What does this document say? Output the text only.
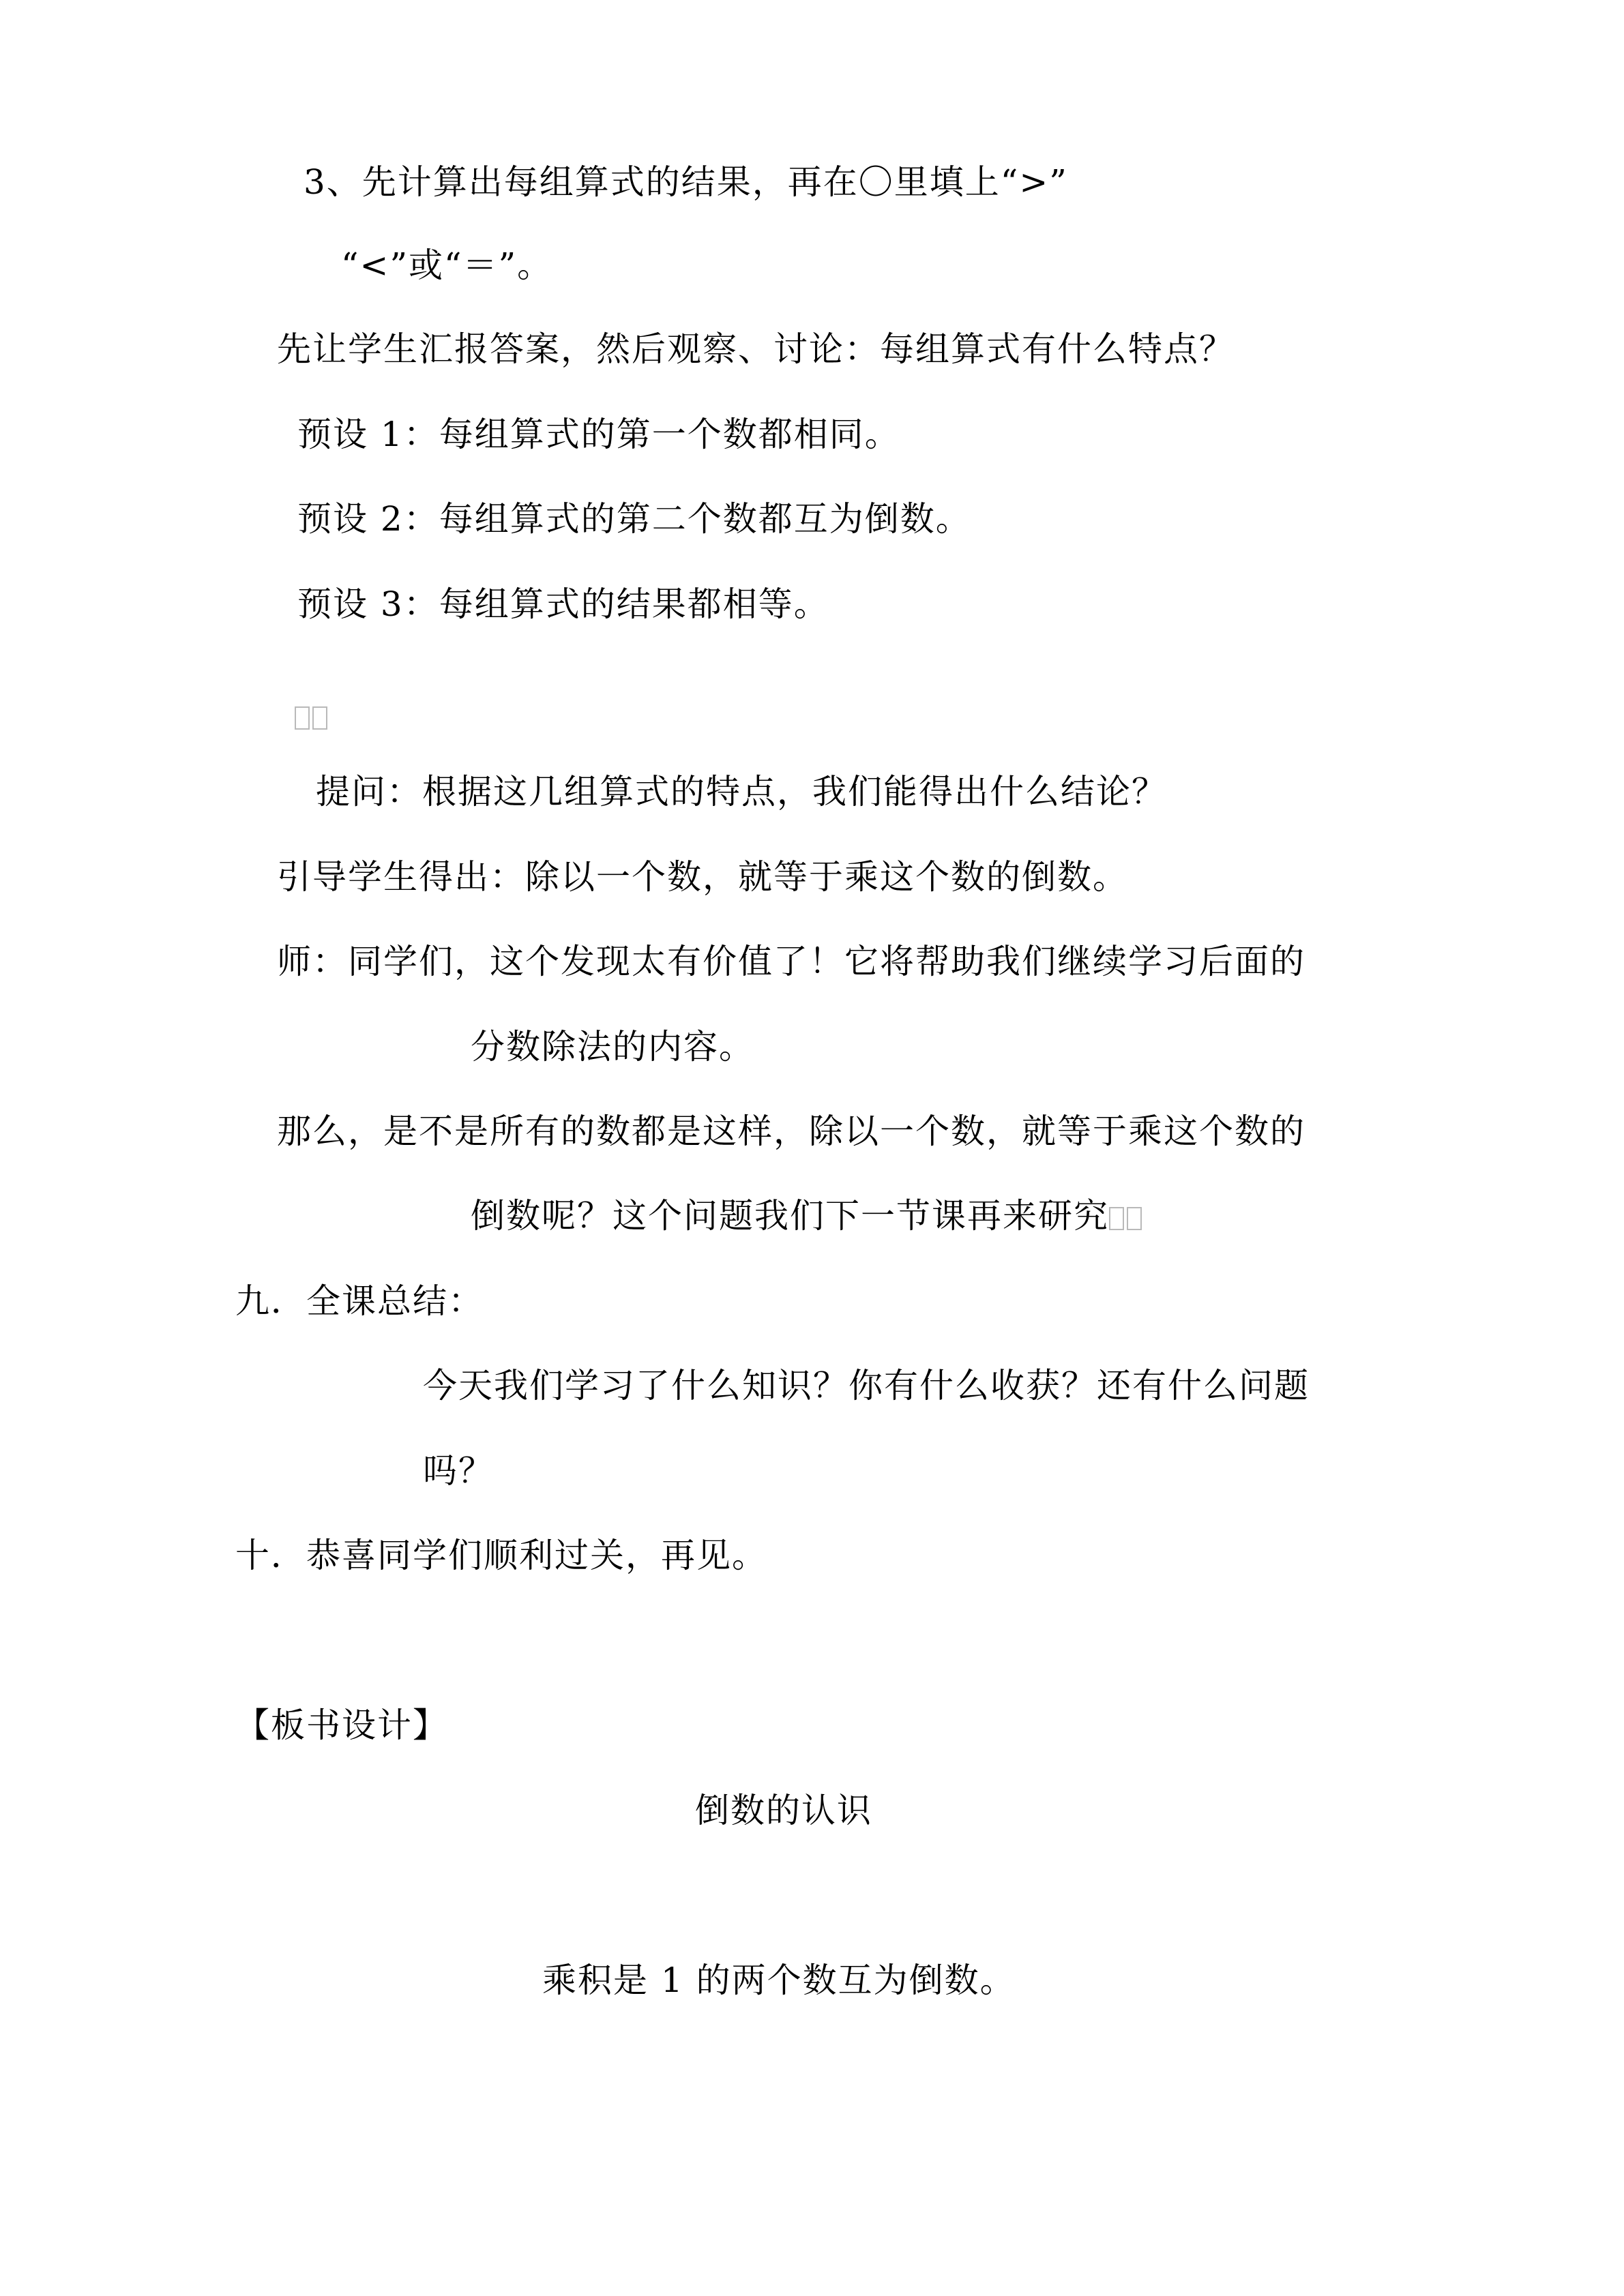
3、先计算出每组算式的结果，再在〇里填上“>”
“<”或“＝”。
先让学生汇报答案，然后观察、讨论：每组算式有什么特点？
预设 1：每组算式的第一个数都相同。
预设 2：每组算式的第二个数都互为倒数。
预设 3：每组算式的结果都相等。
提问：根据这几组算式的特点，我们能得出什么结论？
引导学生得出：除以一个数，就等于乘这个数的倒数。
师：同学们，这个发现太有价值了！它将帮助我们继续学习后面的
分数除法的内容。
那么，是不是所有的数都是这样，除以一个数，就等于乘这个数的
倒数呢？这个问题我们下一节课再来研究
九．全课总结：
今天我们学习了什么知识？你有什么收获？还有什么问题
吗？
十．恭喜同学们顺利过关，再见。
【板书设计】
倒数的认识
乘积是 1 的两个数互为倒数。
